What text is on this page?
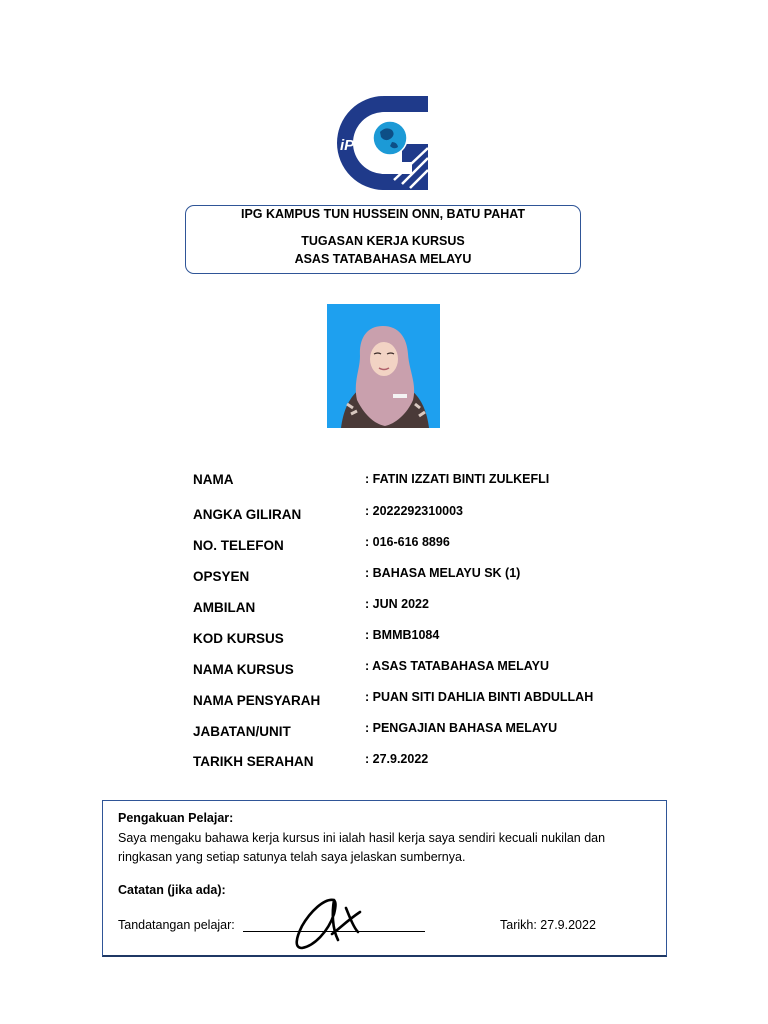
iPG
IPG KAMPUS TUN HUSSEIN ONN, BATU PAHAT
TUGASAN KERJA KURSUS
ASAS TATABAHASA MELAYU
NAMA	: FATIN IZZATI BINTI ZULKEFLI
ANGKA GILIRAN	: 2022292310003
NO. TELEFON	: 016-616 8896
OPSYEN	: BAHASA MELAYU SK (1)
AMBILAN	: JUN 2022
KOD KURSUS	: BMMB1084
NAMA KURSUS	: ASAS TATABAHASA MELAYU
NAMA PENSYARAH	: PUAN SITI DAHLIA BINTI ABDULLAH
JABATAN/UNIT	: PENGAJIAN BAHASA MELAYU
TARIKH SERAHAN	: 27.9.2022
Pengakuan Pelajar:
Saya mengaku bahawa kerja kursus ini ialah hasil kerja saya sendiri kecuali nukilan dan ringkasan yang setiap satunya telah saya jelaskan sumbernya.
Catatan (jika ada):
Tandatangan pelajar:	Tarikh: 27.9.2022
